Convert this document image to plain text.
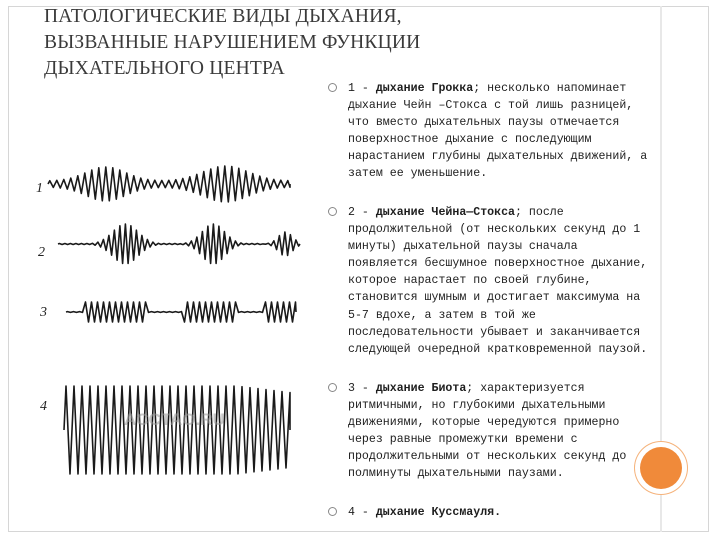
ПАТОЛОГИЧЕСКИЕ ВИДЫ ДЫХАНИЯ,
ВЫЗВАННЫЕ НАРУШЕНИЕМ ФУНКЦИИ
ДЫХАТЕЛЬНОГО ЦЕНТРА
1
2
3
4
ACCTAO.RU

1 - дыхание Грокка; несколько напоминает дыхание Чейн –Стокса с той лишь разницей, что вместо дыхательных паузы отмечается поверхностное дыхание с последующим нарастанием глубины дыхательных движений, а затем ее уменьшение.

2 - дыхание Чейна—Стокса; после продолжительной (от нескольких секунд до 1 минуты) дыхательной паузы сначала появляется бесшумное поверхностное дыхание, которое нарастает по своей глубине, становится шумным и достигает максимума на 5-7 вдохе, а затем в той же последовательности убывает и заканчивается следующей очередной кратковременной паузой.

3 - дыхание Биота; характеризуется ритмичными, но глубокими дыхательными движениями, которые чередуются примерно через равные промежутки времени с продолжительными от нескольких секунд до полминуты дыхательными паузами.

4 - дыхание Куссмауля.
